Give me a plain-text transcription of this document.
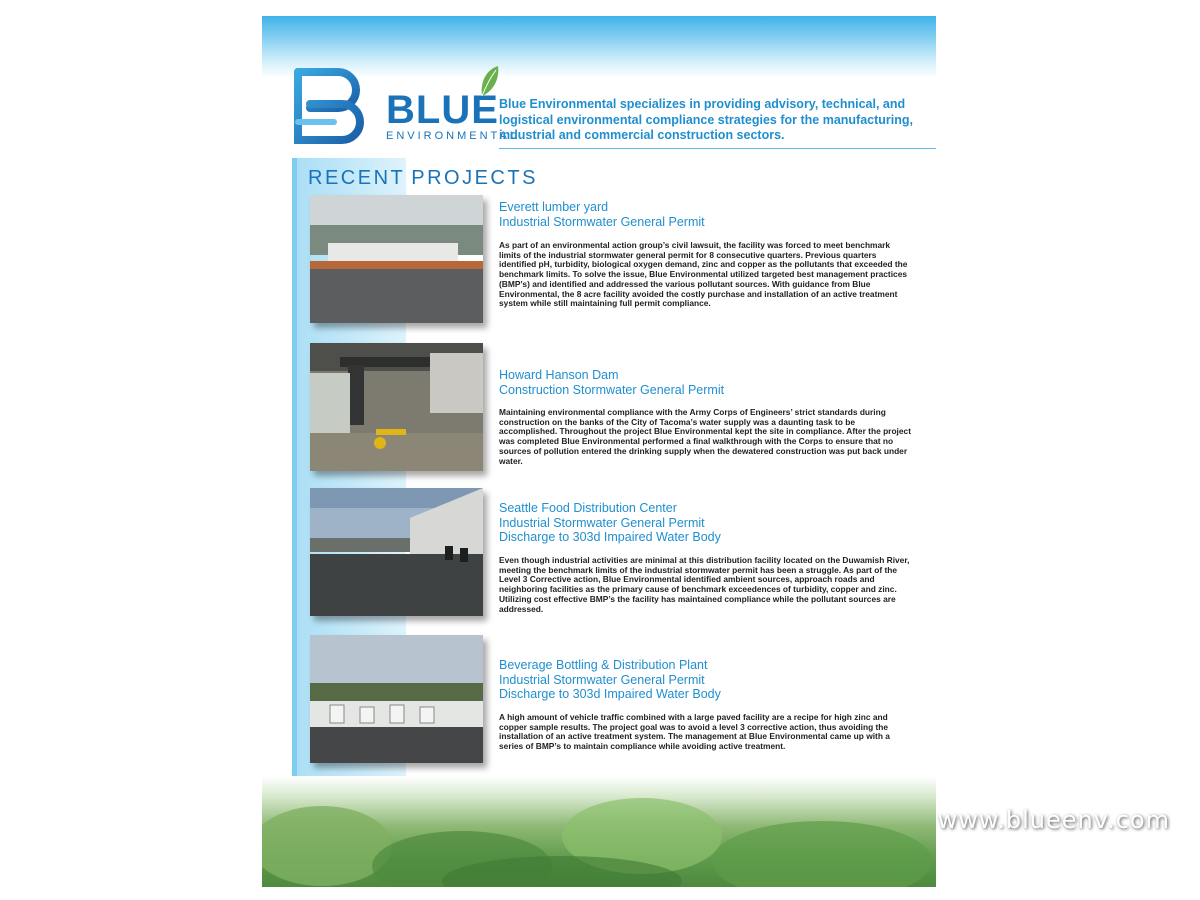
BLUE
ENVIRONMENTAL
Blue Environmental specializes in providing advisory, technical, and logistical environmental compliance strategies for the manufacturing, industrial and commercial construction sectors.
RECENT PROJECTS
Everett lumber yard
Industrial Stormwater General Permit
As part of an environmental action group’s civil lawsuit, the facility was forced to meet benchmark limits of the industrial stormwater general permit for 8 consecutive quarters. Previous quarters identified pH, turbidity, biological oxygen demand, zinc and copper as the pollutants that exceeded the benchmark limits. To solve the issue, Blue Environmental utilized targeted best management practices (BMP’s) and identified and addressed the various pollutant sources. With guidance from Blue Environmental, the 8 acre facility avoided the costly purchase and installation of an active treatment system while still maintaining full permit compliance.
Howard Hanson Dam
Construction Stormwater General Permit
Maintaining environmental compliance with the Army Corps of Engineers’ strict standards during construction on the banks of the City of Tacoma’s water supply was a daunting task to be accomplished. Throughout the project Blue Environmental kept the site in compliance. After the project was completed Blue Environmental performed a final walkthrough with the Corps to ensure that no sources of pollution entered the drinking supply when the dewatered construction was put back under water.
Seattle Food Distribution Center
Industrial Stormwater General Permit
Discharge to 303d Impaired Water Body
Even though industrial activities are minimal at this distribution facility located on the Duwamish River, meeting the benchmark limits of the industrial stormwater permit has been a struggle. As part of the Level 3 Corrective action, Blue Environmental identified ambient sources, approach roads and neighboring facilities as the primary cause of benchmark exceedences of turbidity, copper and zinc. Utilizing cost effective BMP’s the facility has maintained compliance while the pollutant sources are addressed.
Beverage Bottling & Distribution Plant
Industrial Stormwater General Permit
Discharge to 303d Impaired Water Body
A high amount of vehicle traffic combined with a large paved facility are a recipe for high zinc and copper sample results. The project goal was to avoid a level 3 corrective action, thus avoiding the installation of an active treatment system. The management at Blue Environmental came up with a series of BMP’s to maintain compliance while avoiding active treatment.
www.blueenv.com
